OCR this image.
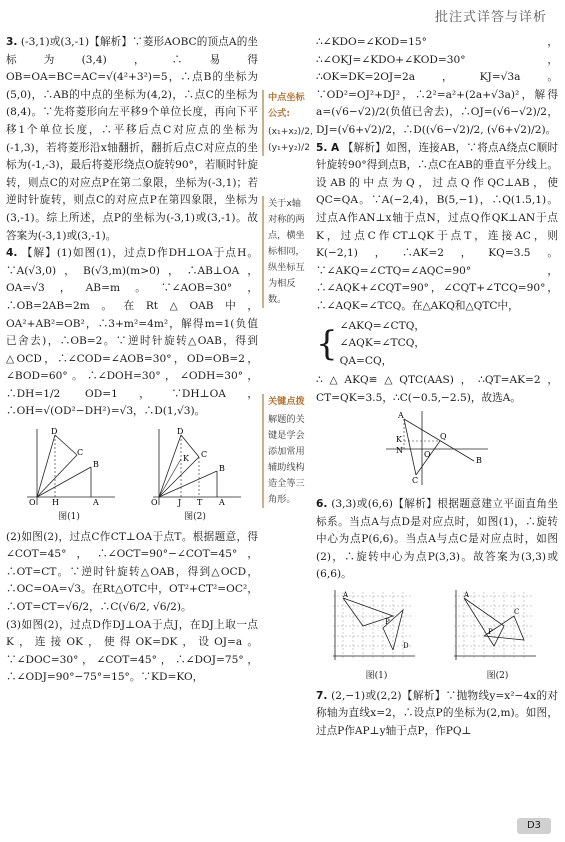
批注式详答与详析

3. (-3,1)或(3,-1)【解析】∵菱形AOBC的顶点A的坐标为(3,4)，∴易得OB=OA=BC=AC=√(4²+3²)=5，∴点B的坐标为(5,0)，∴AB的中点的坐标为(4,2)，∴点C的坐标为(8,4)。∵先将菱形向左平移9个单位长度，再向下平移1个单位长度，∴平移后点C对应点的坐标为(-1,3)，若将菱形沿x轴翻折，翻折后点C对应点的坐标为(-1,-3)，最后将菱形绕点O旋转90°，若顺时针旋转，则点C的对应点P在第二象限，坐标为(-3,1)；若逆时针旋转，则点C的对应点P在第四象限，坐标为(3,-1)。综上所述，点P的坐标为(-3,1)或(3,-1)。故答案为(-3,1)或(3,-1)。

4. 【解】(1)如图(1)，过点D作DH⊥OA于点H。∵A(√3,0)，B(√3,m)(m>0)，∴AB⊥OA，OA=√3，AB=m。∵∠AOB=30°，∴OB=2AB=2m。在Rt△OAB中，OA²+AB²=OB²，∴3+m²=4m²，解得m=1(负值已舍去)，∴OB=2。∵逆时针旋转△OAB，得到△OCD，∴∠COD=∠AOB=30°，OD=OB=2，∠BOD=60°。∴∠DOH=30°，∠ODH=30°，∴DH=1/2 OD=1，∵DH⊥OA，∴OH=√(OD²−DH²)=√3，∴D(1,√3)。

D
B
C
A
O H
图(1)
D
B
C
K
A
O	J T
图(2)

(2)如图(2)，过点C作CT⊥OA于点T。根据题意，得∠COT=45°，∴∠OCT=90°−∠COT=45°，∴OT=CT。∵逆时针旋转△OAB，得到△OCD，∴OC=OA=√3。在Rt△OTC中，OT²+CT²=OC²，∴OT=CT=√6/2，∴C(√6/2, √6/2)。

(3)如图(2)，过点D作DJ⊥OA于点J，在DJ上取一点K，连接OK，使得OK=DK，设OJ=a。∵∠DOC=30°，∠COT=45°，∴∠DOJ=75°，∴∠ODJ=90°−75°=15°。∵KD=KO，

中点坐标公式:
(x₁+x₂)/2, (y₁+y₂)/2
关于x轴对称的两点，横坐标相同，纵坐标互为相反数。
关键点拨
解题的关键是学会添加常用辅助线构造全等三角形。

∴∠KDO=∠KOD=15°，∴∠OKJ=∠KDO+∠KOD=30°，∴OK=DK=2OJ=2a，KJ=√3a。∵OD²=OJ²+DJ²，∴2²=a²+(2a+√3a)²，解得a=(√6−√2)/2(负值已舍去)，∴OJ=(√6−√2)/2，DJ=(√6+√2)/2，∴D((√6−√2)/2, (√6+√2)/2)。

5. A 【解析】如图，连接AB，∵将点A绕点C顺时针旋转90°得到点B，∴点C在AB的垂直平分线上。设AB的中点为Q，过点Q作QC⊥AB，使QC=QA。∵A(−2,4)，B(5,−1)，∴Q(1.5,1)。过点A作AN⊥x轴于点N，过点Q作QK⊥AN于点K，过点C作CT⊥QK于点T，连接AC，则K(−2,1)，∴AK=2，KQ=3.5。∵∠AKQ=∠CTQ=∠AQC=90°，∴∠AQK+∠CQT=90°，∠CQT+∠TCQ=90°，∴∠AQK=∠TCQ。在△AKQ和△QTC中，

{ ∠AKQ=∠CTQ，
∠AQK=∠TCQ，
QA=CQ，

∴△AKQ≌△QTC(AAS)，∴QT=AK=2，CT=QK=3.5，∴C(−0.5,−2.5)，故选A。

A
B
C
Q
N
K
O

6. (3,3)或(6,6)【解析】根据题意建立平面直角坐标系。当点A与点D是对应点时，如图(1)，∴旋转中心为点P(6,6)。当点A与点C是对应点时，如图(2)，∴旋转中心为点P(3,3)。故答案为(3,3)或(6,6)。

A
P
D
图(1)
A
P
C
图(2)

7. (2,−1)或(2,2)【解析】∵抛物线y=x²−4x的对称轴为直线x=2，∴设点P的坐标为(2,m)。如图，过点P作AP⊥y轴于点P，作PQ⊥

D3
